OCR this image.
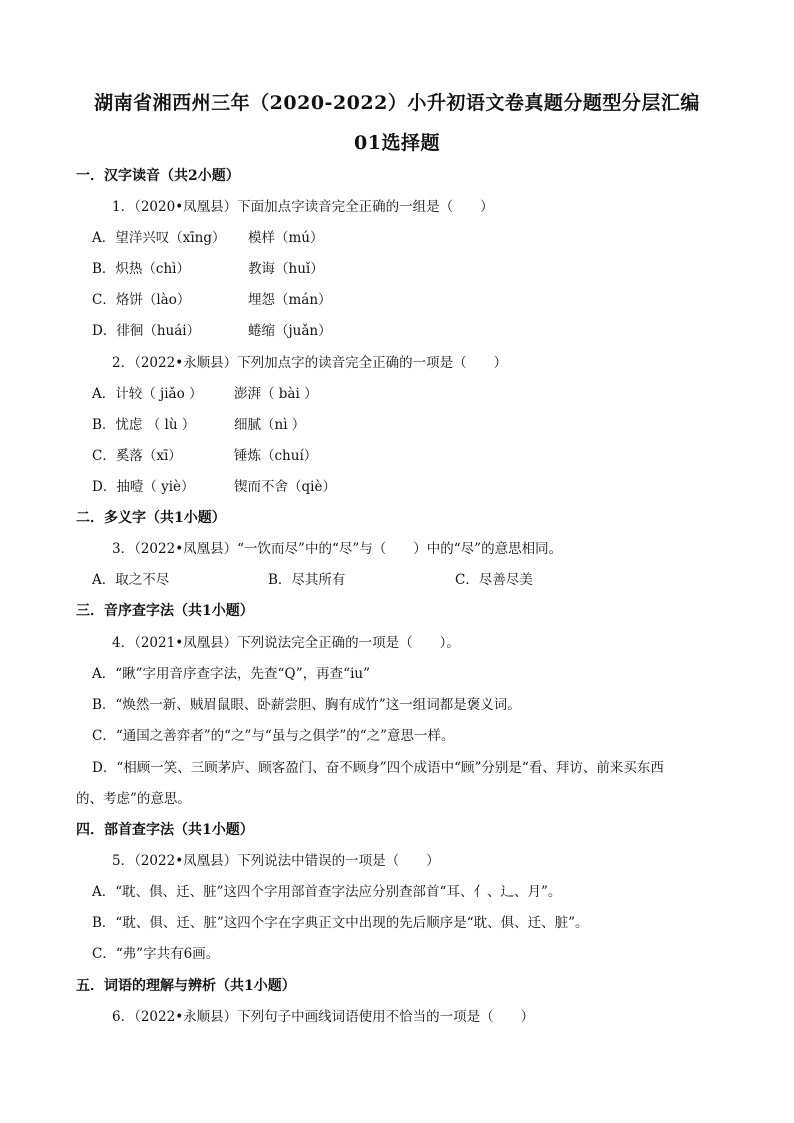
湖南省湘西州三年（2020-2022）小升初语文卷真题分题型分层汇编
01选择题
一．汉字读音（共2小题）
1．（2020•凤凰县）下面加点字读音完全正确的一组是（　　）
A．望洋兴叹（xīng） 模样（mú）
B．炽热（chì）	教诲（huǐ）
C．烙饼（lào）	埋怨（mán）
D．徘徊（huái）	蜷缩（juǎn）
2．（2022•永顺县）下列加点字的读音完全正确的一项是（　　）
A．计较（ jiǎo ） 澎湃（ bài ）
B．忧虑 （ lù ）	细腻（nì ）
C．奚落（xī）	锤炼（chuí）
D．抽噎（ yiè）	锲而不舍（qiè）
二．多义字（共1小题）
3．（2022•凤凰县）“一饮而尽”中的“尽”与（　　）中的“尽”的意思相同。
A．取之不尽	B．尽其所有	C．尽善尽美
三．音序查字法（共1小题）
4．（2021•凤凰县）下列说法完全正确的一项是（　　）。
A．“瞅”字用音序查字法，先查“Q”，再查“iu”
B．“焕然一新、贼眉鼠眼、卧薪尝胆、胸有成竹”这一组词都是褒义词。
C．“通国之善弈者”的“之”与“虽与之俱学”的“之”意思一样。
D．“相顾一笑、三顾茅庐、顾客盈门、奋不顾身”四个成语中“顾”分别是“看、拜访、前来买东西
的、考虑”的意思。
四．部首查字法（共1小题）
5．（2022•凤凰县）下列说法中错误的一项是（　　）
A．“耽、俱、迁、脏”这四个字用部首查字法应分别查部首“耳、亻、辶、月”。
B．“耽、俱、迁、脏”这四个字在字典正文中出现的先后顺序是“耽、俱、迁、脏”。
C．“弗”字共有6画。
五．词语的理解与辨析（共1小题）
6．（2022•永顺县）下列句子中画线词语使用不恰当的一项是（　　）
